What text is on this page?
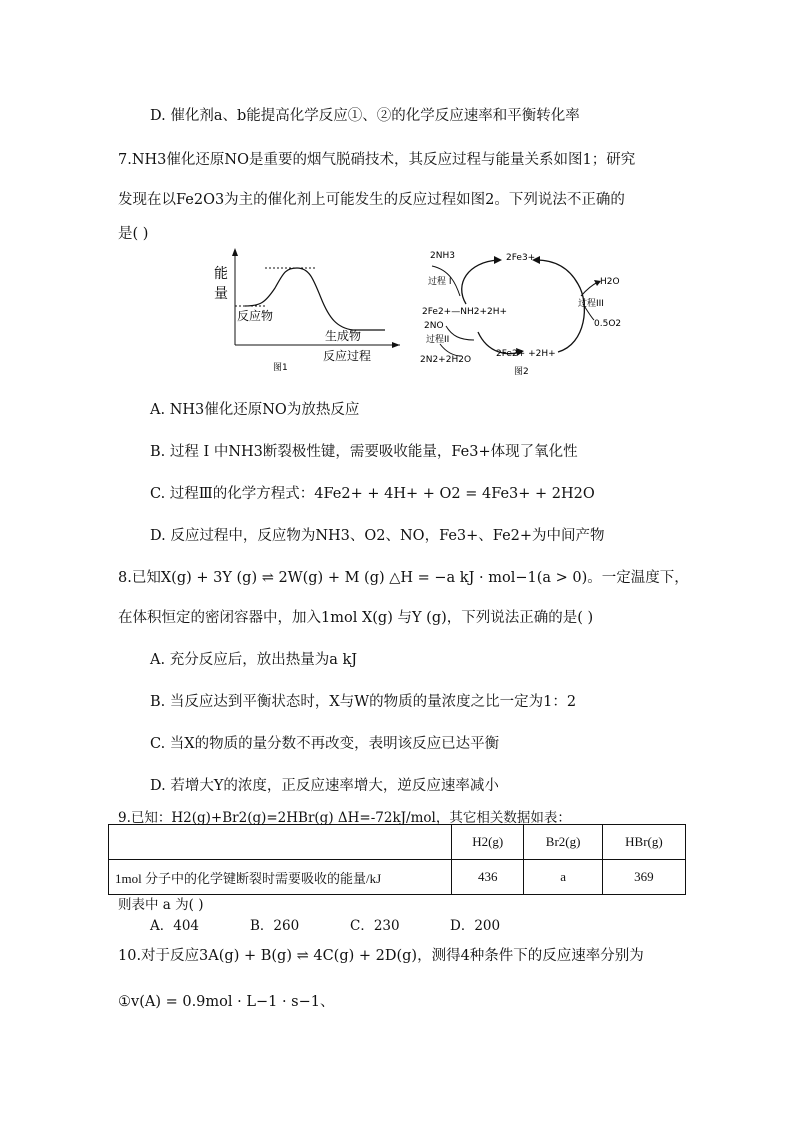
D. 催化剂a、b能提高化学反应①、②的化学反应速率和平衡转化率
7.NH3催化还原NO是重要的烟气脱硝技术，其反应过程与能量关系如图1；研究
发现在以Fe2O3为主的催化剂上可能发生的反应过程如图2。下列说法不正确的
是( )
能
量
反应物
生成物
反应过程
图1
2NH3	2Fe3+
过程 I
2Fe2+—NH2+2H+
2NO
过程II
2N2+2H2O
2Fe2+ +2H+
H2O
过程III
0.5O2
图2
A. NH3催化还原NO为放热反应
B. 过程 I 中NH3断裂极性键，需要吸收能量，Fe3+体现了氧化性
C. 过程Ⅲ的化学方程式：4Fe2+ + 4H+ + O2 = 4Fe3+ + 2H2O
D. 反应过程中，反应物为NH3、O2、NO，Fe3+、Fe2+为中间产物
8.已知X(g) + 3Y (g) ⇌ 2W(g) + M (g) △H = −a kJ · mol−1(a > 0)。一定温度下，
在体积恒定的密闭容器中，加入1mol X(g) 与Y (g)，下列说法正确的是( )
A. 充分反应后，放出热量为a kJ
B. 当反应达到平衡状态时，X与W的物质的量浓度之比一定为1：2
C. 当X的物质的量分数不再改变，表明该反应已达平衡
D. 若增大Y的浓度，正反应速率增大，逆反应速率减小
9.已知：H2(g)+Br2(g)=2HBr(g) ΔH=-72kJ/mol，其它相关数据如表：
	H2(g)	Br2(g)	HBr(g)
1mol 分子中的化学键断裂时需要吸收的能量/kJ	436	a	369
则表中 a 为( )
A．404	B．260	C．230	D．200
10.对于反应3A(g) + B(g) ⇌ 4C(g) + 2D(g)，测得4种条件下的反应速率分别为
①v(A) = 0.9mol · L−1 · s−1、
